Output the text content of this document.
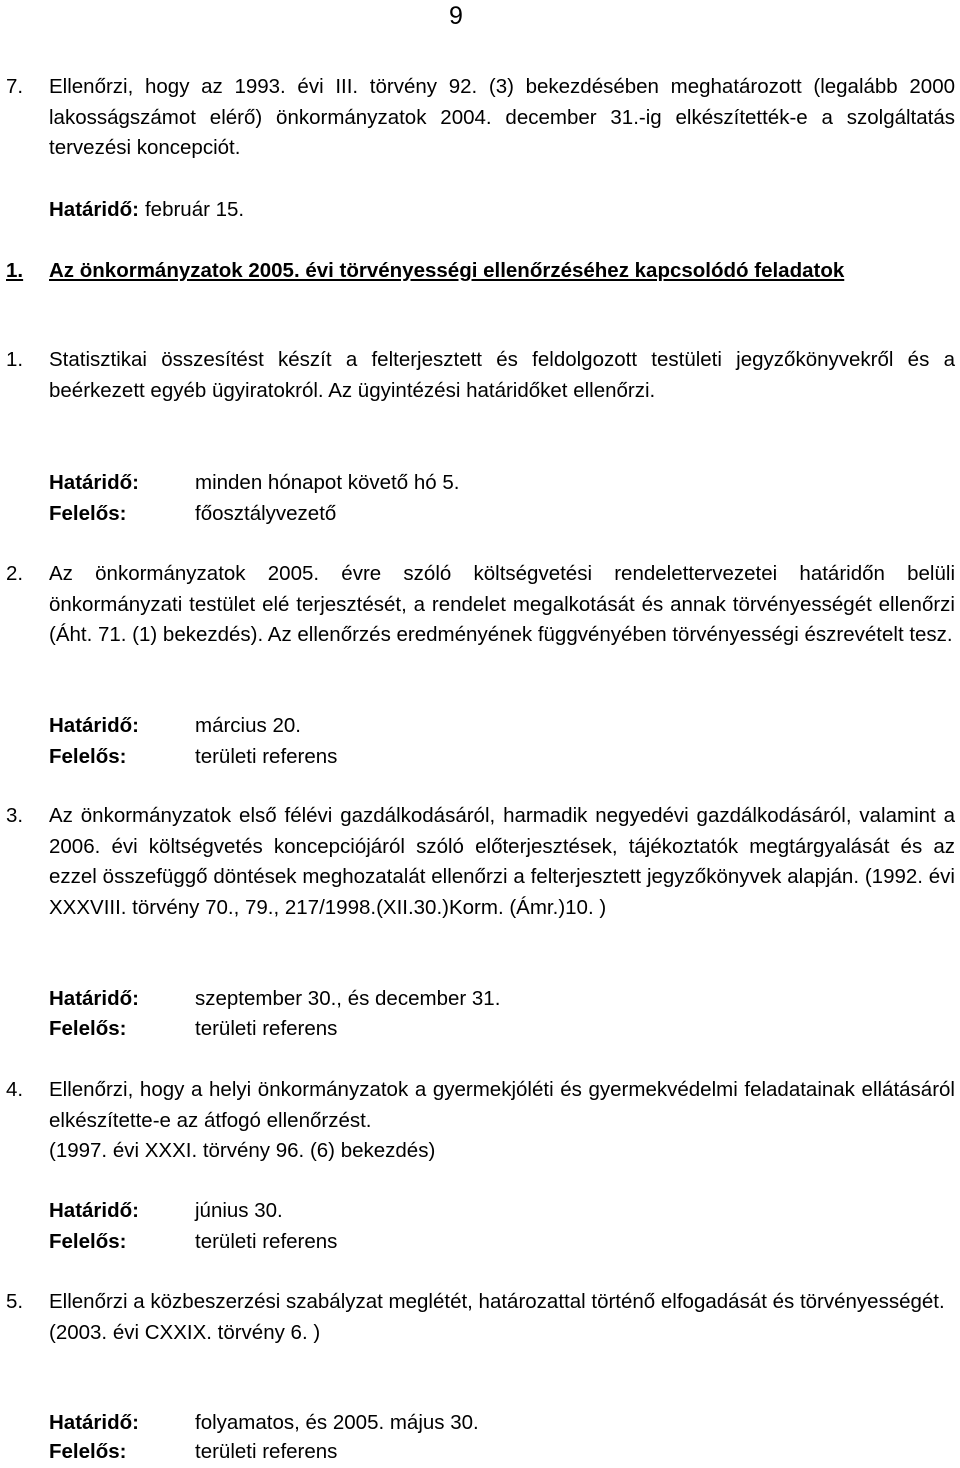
9
7. Ellenőrzi, hogy az 1993. évi III. törvény 92. (3) bekezdésében meghatározott (legalább 2000 lakosságszámot elérő) önkormányzatok 2004. december 31.-ig elkészítették-e a szolgáltatás tervezési koncepciót.
Határidő: február 15.
1. Az önkormányzatok 2005. évi törvényességi ellenőrzéséhez kapcsolódó feladatok
1. Statisztikai összesítést készít a felterjesztett és feldolgozott testületi jegyzőkönyvekről és a beérkezett egyéb ügyiratokról. Az ügyintézési határidőket ellenőrzi.
Határidő:	minden hónapot követő hó 5.
Felelős:	főosztályvezető
2. Az önkormányzatok 2005. évre szóló költségvetési rendelettervezetei határidőn belüli önkormányzati testület elé terjesztését, a rendelet megalkotását és annak törvényességét ellenőrzi (Áht. 71. (1) bekezdés). Az ellenőrzés eredményének függvényében törvényességi észrevételt tesz.
Határidő:	március 20.
Felelős:	területi referens
3. Az önkormányzatok első félévi gazdálkodásáról, harmadik negyedévi gazdálkodásáról, valamint a 2006. évi költségvetés koncepciójáról szóló előterjesztések, tájékoztatók megtárgyalását és az ezzel összefüggő döntések meghozatalát ellenőrzi a felterjesztett jegyzőkönyvek alapján. (1992. évi XXXVIII. törvény 70., 79., 217/1998.(XII.30.)Korm. (Ámr.)10. )
Határidő:	szeptember 30., és december 31.
Felelős:	területi referens
4. Ellenőrzi, hogy a helyi önkormányzatok a gyermekjóléti és gyermekvédelmi feladatainak ellátásáról elkészítette-e az átfogó ellenőrzést.
(1997. évi XXXI. törvény 96. (6) bekezdés)
Határidő:	június 30.
Felelős:	területi referens
5. Ellenőrzi a közbeszerzési szabályzat meglétét, határozattal történő elfogadását és törvényességét.
(2003. évi CXXIX. törvény 6. )
Határidő:	folyamatos, és 2005. május 30.
Felelős:	területi referens
